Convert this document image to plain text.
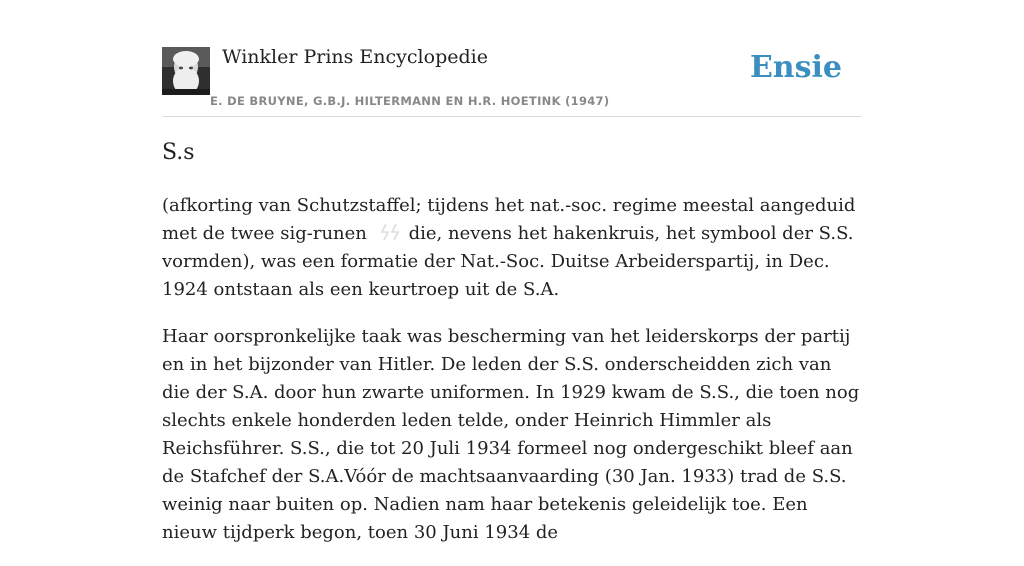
Winkler Prins Encyclopedie
E. DE BRUYNE, G.B.J. HILTERMANN EN H.R. HOETINK (1947)
Ensie
S.s

(afkorting van Schutzstaffel; tijdens het nat.-soc. regime meestal aangeduid met de twee sig-runen die, nevens het hakenkruis, het symbool der S.S. vormden), was een formatie der Nat.-Soc. Duitse Arbeiderspartij, in Dec. 1924 ontstaan als een keurtroep uit de S.A.

Haar oorspronkelijke taak was bescherming van het leiderskorps der partij en in het bijzonder van Hitler. De leden der S.S. onderscheidden zich van die der S.A. door hun zwarte uniformen. In 1929 kwam de S.S., die toen nog slechts enkele honderden leden telde, onder Heinrich Himmler als Reichsführer. S.S., die tot 20 Juli 1934 formeel nog ondergeschikt bleef aan de Stafchef der S.A.Vóór de machtsaanvaarding (30 Jan. 1933) trad de S.S. weinig naar buiten op. Nadien nam haar betekenis geleidelijk toe. Een nieuw tijdperk begon, toen 30 Juni 1934 de
